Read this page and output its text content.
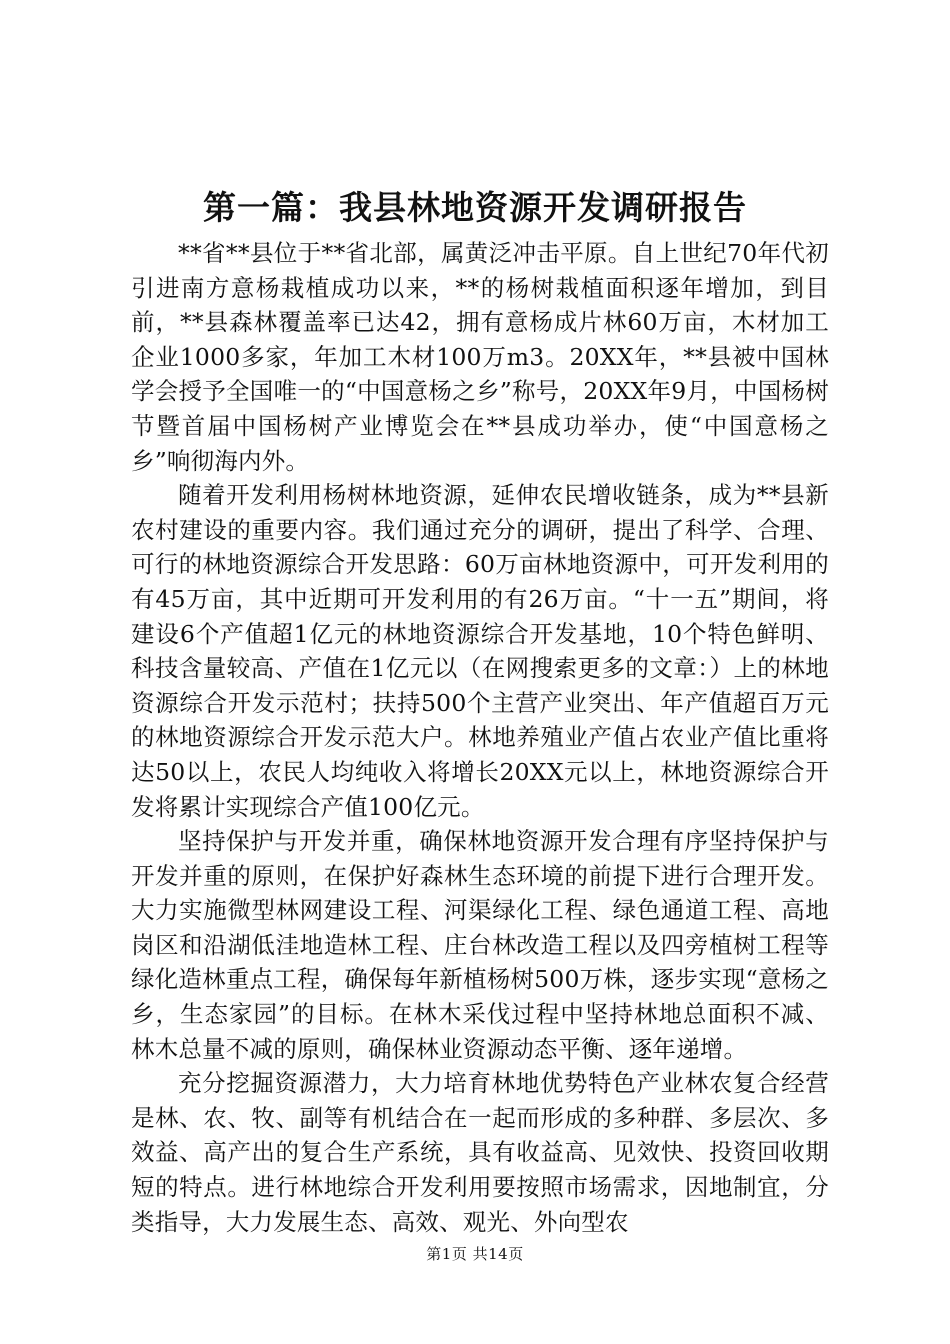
第一篇：我县林地资源开发调研报告

**省**县位于**省北部，属黄泛冲击平原。自上世纪70年代初引进南方意杨栽植成功以来，**的杨树栽植面积逐年增加，到目前，**县森林覆盖率已达42，拥有意杨成片林60万亩，木材加工企业1000多家，年加工木材100万m3。20XX年，**县被中国林学会授予全国唯一的“中国意杨之乡”称号，20XX年9月，中国杨树节暨首届中国杨树产业博览会在**县成功举办，使“中国意杨之乡”响彻海内外。

随着开发利用杨树林地资源，延伸农民增收链条，成为**县新农村建设的重要内容。我们通过充分的调研，提出了科学、合理、可行的林地资源综合开发思路：60万亩林地资源中，可开发利用的有45万亩，其中近期可开发利用的有26万亩。“十一五”期间，将建设6个产值超1亿元的林地资源综合开发基地，10个特色鲜明、科技含量较高、产值在1亿元以（在网搜索更多的文章：）上的林地资源综合开发示范村；扶持500个主营产业突出、年产值超百万元的林地资源综合开发示范大户。林地养殖业产值占农业产值比重将达50以上，农民人均纯收入将增长20XX元以上，林地资源综合开发将累计实现综合产值100亿元。

坚持保护与开发并重，确保林地资源开发合理有序坚持保护与开发并重的原则，在保护好森林生态环境的前提下进行合理开发。大力实施微型林网建设工程、河渠绿化工程、绿色通道工程、高地岗区和沿湖低洼地造林工程、庄台林改造工程以及四旁植树工程等绿化造林重点工程，确保每年新植杨树500万株，逐步实现“意杨之乡，生态家园”的目标。在林木采伐过程中坚持林地总面积不减、林木总量不减的原则，确保林业资源动态平衡、逐年递增。

充分挖掘资源潜力，大力培育林地优势特色产业林农复合经营是林、农、牧、副等有机结合在一起而形成的多种群、多层次、多效益、高产出的复合生产系统，具有收益高、见效快、投资回收期短的特点。进行林地综合开发利用要按照市场需求，因地制宜，分类指导，大力发展生态、高效、观光、外向型农

第1页 共14页
